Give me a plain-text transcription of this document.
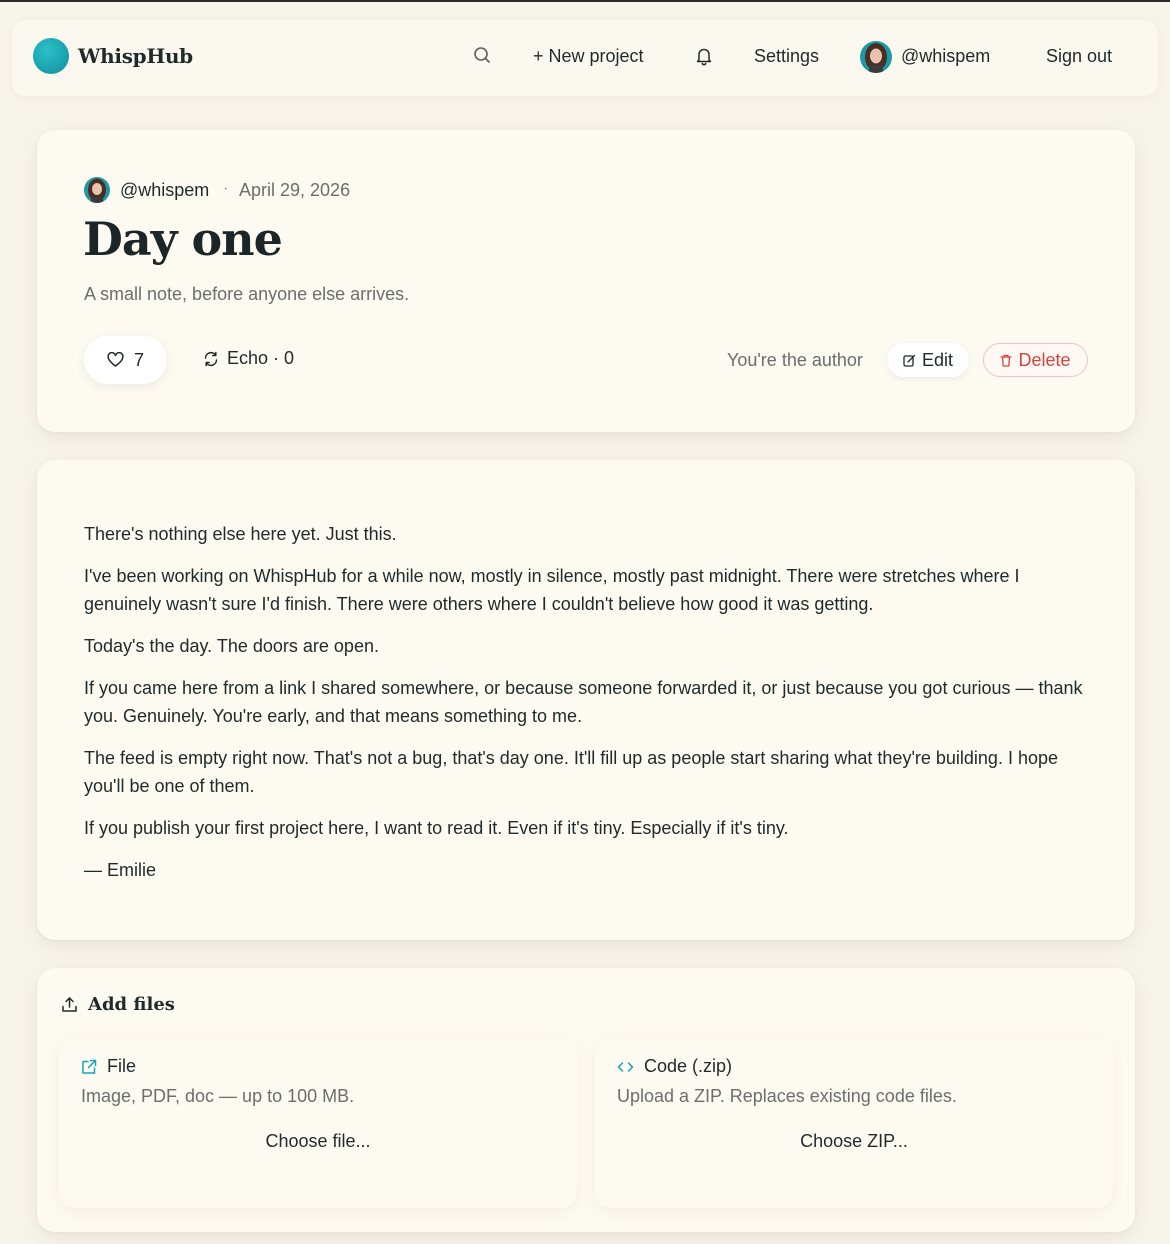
WhispHub	+ New project	Settings	@whispem	Sign out
@whispem · April 29, 2026
Day one
A small note, before anyone else arrives.
7	Echo · 0	You're the author	Edit	Delete

There's nothing else here yet. Just this.

I've been working on WhispHub for a while now, mostly in silence, mostly past midnight. There were stretches where I genuinely wasn't sure I'd finish. There were others where I couldn't believe how good it was getting.

Today's the day. The doors are open.

If you came here from a link I shared somewhere, or because someone forwarded it, or just because you got curious — thank you. Genuinely. You're early, and that means something to me.

The feed is empty right now. That's not a bug, that's day one. It'll fill up as people start sharing what they're building. I hope you'll be one of them.

If you publish your first project here, I want to read it. Even if it's tiny. Especially if it's tiny.

— Emilie

Add files
File
Image, PDF, doc — up to 100 MB.
Choose file...
Code (.zip)
Upload a ZIP. Replaces existing code files.
Choose ZIP...
